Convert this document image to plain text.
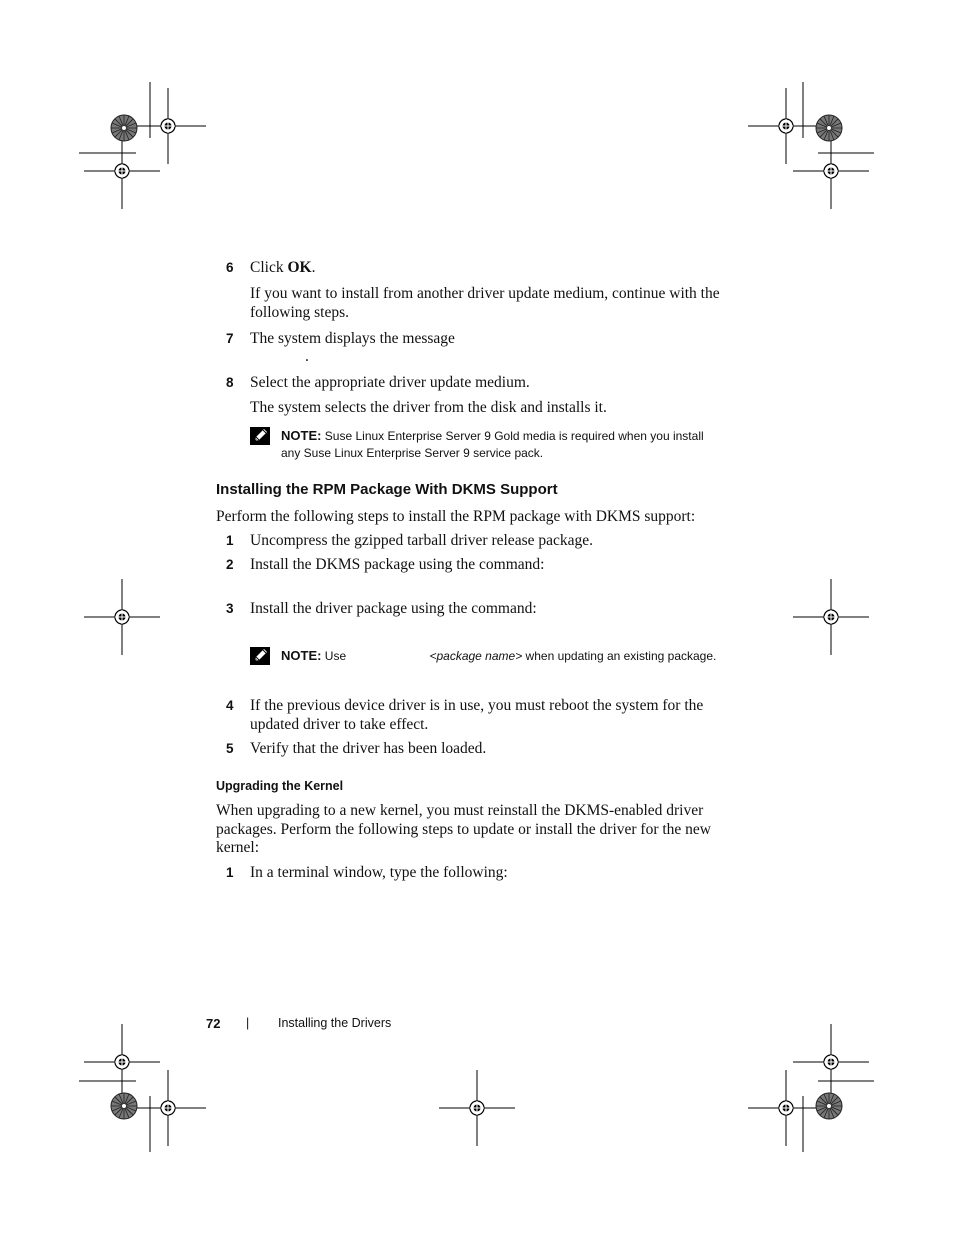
6 Click OK.
If you want to install from another driver update medium, continue with the following steps.
7 The system displays the message
.
8 Select the appropriate driver update medium.
The system selects the driver from the disk and installs it.
NOTE: Suse Linux Enterprise Server 9 Gold media is required when you install any Suse Linux Enterprise Server 9 service pack.
Installing the RPM Package With DKMS Support
Perform the following steps to install the RPM package with DKMS support:
1 Uncompress the gzipped tarball driver release package.
2 Install the DKMS package using the command:
3 Install the driver package using the command:
NOTE: Use	<package name> when updating an existing package.
4 If the previous device driver is in use, you must reboot the system for the updated driver to take effect.
5 Verify that the driver has been loaded.
Upgrading the Kernel
When upgrading to a new kernel, you must reinstall the DKMS-enabled driver packages. Perform the following steps to update or install the driver for the new kernel:
1 In a terminal window, type the following:
72 | Installing the Drivers
